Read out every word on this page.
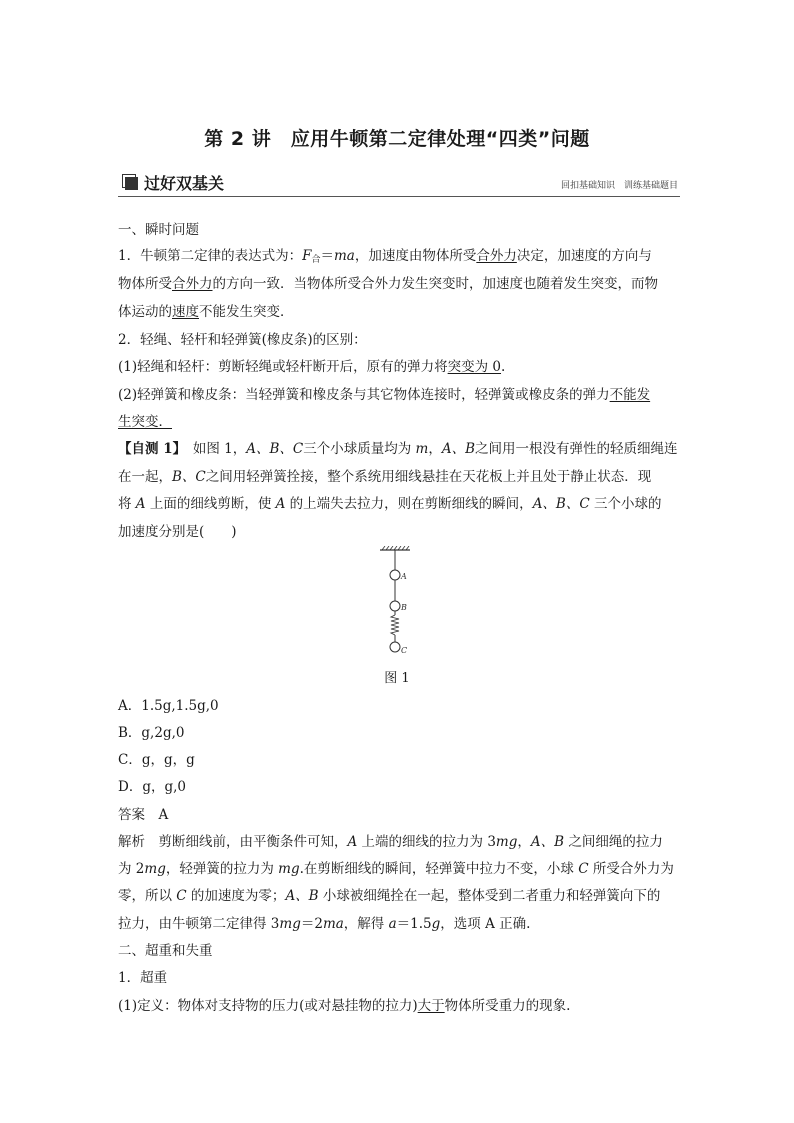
第 2 讲　应用牛顿第二定律处理“四类”问题
过好双基关	回扣基础知识　训练基础题目
一、瞬时问题
1．牛顿第二定律的表达式为：$F_合=ma$，加速度由物体所受合外力决定，加速度的方向与
物体所受合外力的方向一致．当物体所受合外力发生突变时，加速度也随着发生突变，而物
体运动的速度不能发生突变．
2．轻绳、轻杆和轻弹簧(橡皮条)的区别：
(1)轻绳和轻杆：剪断轻绳或轻杆断开后，原有的弹力将突变为 0.
(2)轻弹簧和橡皮条：当轻弹簧和橡皮条与其它物体连接时，轻弹簧或橡皮条的弹力不能发
生突变．
【自测 1】　如图 1，A、B、C三个小球质量均为 m，A、B之间用一根没有弹性的轻质细绳连
在一起，B、C之间用轻弹簧拴接，整个系统用细线悬挂在天花板上并且处于静止状态．现
将 A 上面的细线剪断，使 A 的上端失去拉力，则在剪断细线的瞬间，A、B、C 三个小球的
加速度分别是(　　)
A
B
C
图 1
A．1.5g,1.5g,0
B．g,2g,0
C．g，g，g
D．g，g,0
答案　 A
解析　剪断细线前，由平衡条件可知，A 上端的细线的拉力为 3mg，A、B 之间细绳的拉力
为 2mg，轻弹簧的拉力为 mg.在剪断细线的瞬间，轻弹簧中拉力不变，小球 C 所受合外力为
零，所以 C 的加速度为零；A、B 小球被细绳拴在一起，整体受到二者重力和轻弹簧向下的
拉力，由牛顿第二定律得 3mg＝2ma，解得 a＝1.5g，选项 A 正确.
二、超重和失重
1．超重
(1)定义：物体对支持物的压力(或对悬挂物的拉力)大于物体所受重力的现象.
